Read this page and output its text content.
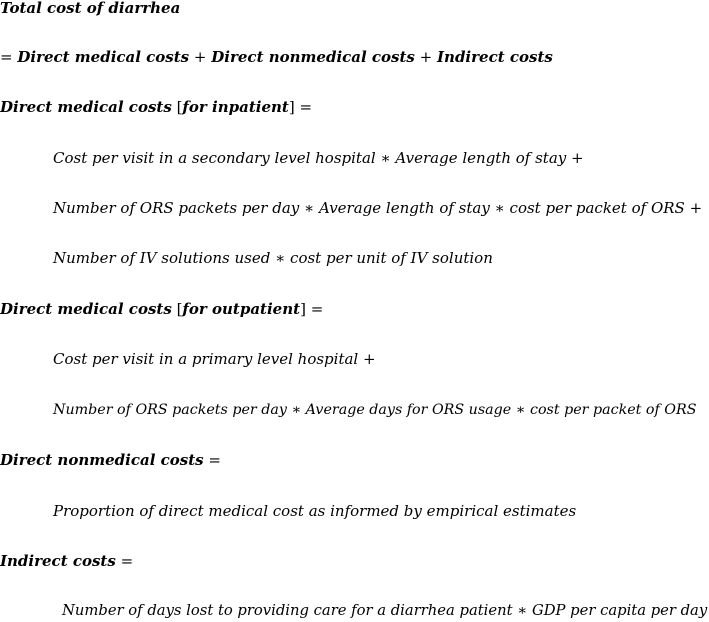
Total cost of diarrhea
= Direct medical costs + Direct nonmedical costs + Indirect costs
Direct medical costs [for inpatient] =
Cost per visit in a secondary level hospital ∗ Average length of stay +
Number of ORS packets per day ∗ Average length of stay ∗ cost per packet of ORS +
Number of IV solutions used ∗ cost per unit of IV solution
Direct medical costs [for outpatient] =
Cost per visit in a primary level hospital +
Number of ORS packets per day ∗ Average days for ORS usage ∗ cost per packet of ORS
Direct nonmedical costs =
Proportion of direct medical cost as informed by empirical estimates
Indirect costs =
Number of days lost to providing care for a diarrhea patient ∗ GDP per capita per day
